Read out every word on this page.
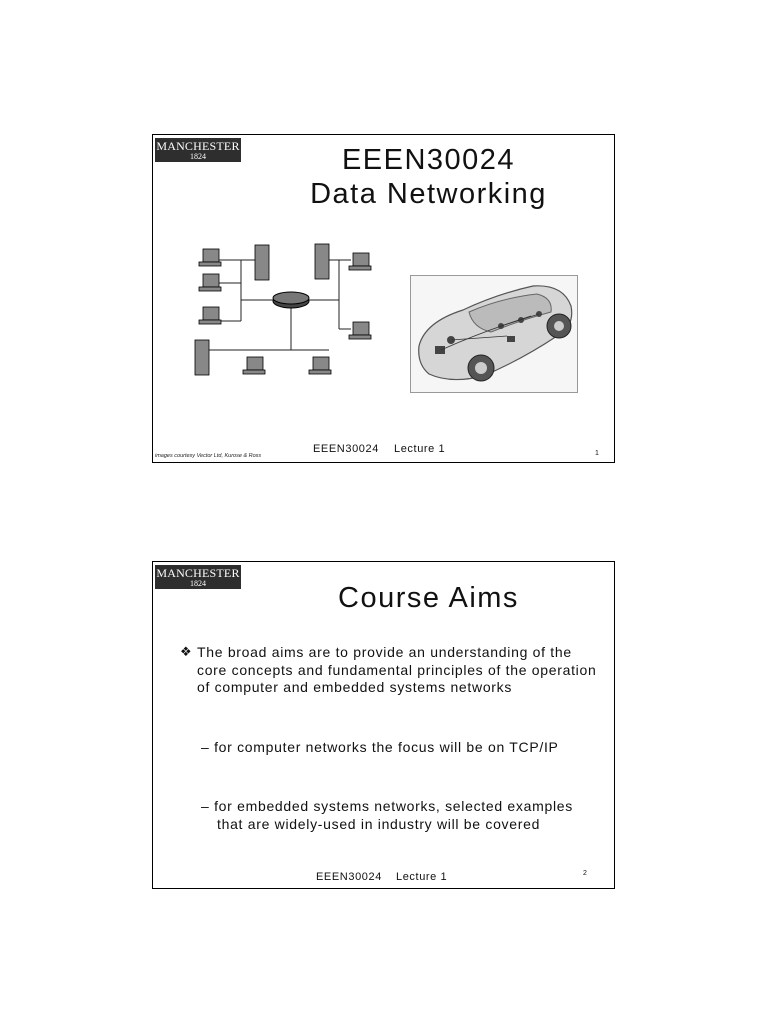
MANCHESTER
1824	EEEN30024
Data Networking
images courtesy Vector Ltd, Kurose & Ross
EEEN30024 Lecture 1	1
MANCHESTER
1824	Course Aims
❖ The broad aims are to provide an understanding of the core concepts and fundamental principles of the operation of computer and embedded systems networks
– for computer networks the focus will be on TCP/IP
– for embedded systems networks, selected examples that are widely-used in industry will be covered
EEEN30024 Lecture 1	2
